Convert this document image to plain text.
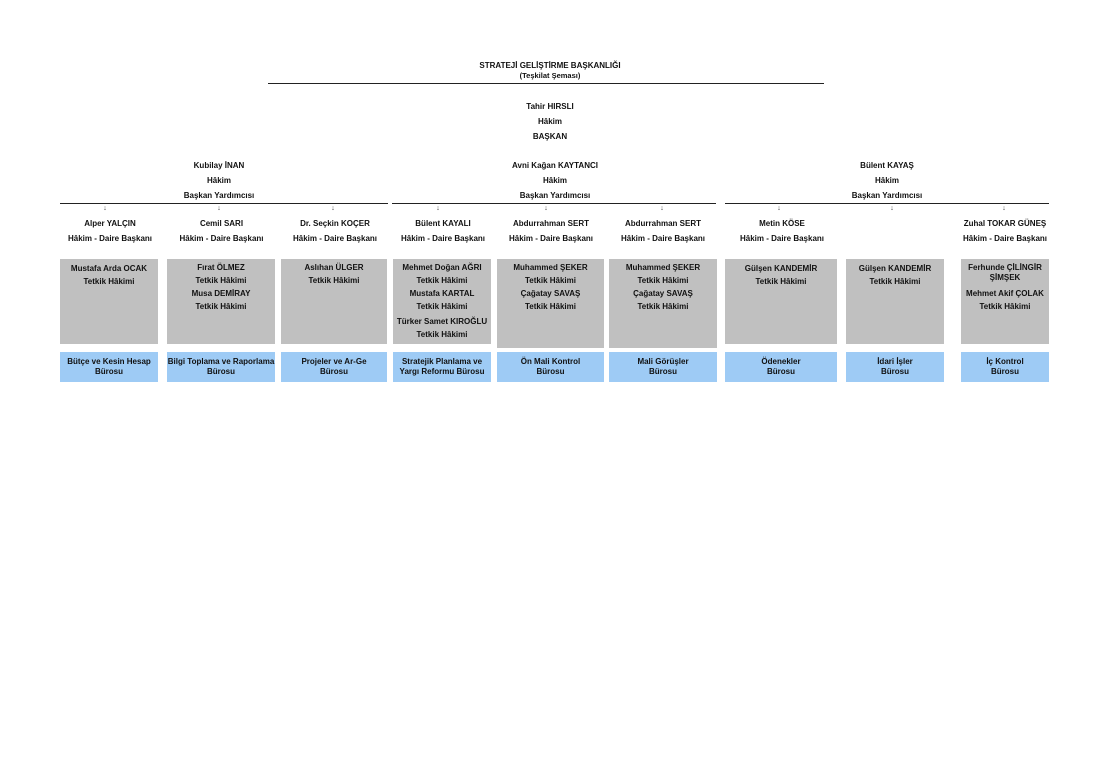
STRATEJİ GELİŞTİRME BAŞKANLIĞI
(Teşkilat Şeması)
Tahir HIRSLI
Hâkim
BAŞKAN
Kubilay İNAN
Hâkim
Başkan Yardımcısı
Avni Kağan KAYTANCI
Hâkim
Başkan Yardımcısı
Bülent KAYAŞ
Hâkim
Başkan Yardımcısı
↓	↓	↓	↓	↓	↓	↓	↓	↓
Alper YALÇIN
Hâkim - Daire Başkanı
Cemil SARI
Hâkim - Daire Başkanı
Dr. Seçkin KOÇER
Hâkim - Daire Başkanı
Bülent KAYALI
Hâkim - Daire Başkanı
Abdurrahman SERT
Hâkim - Daire Başkanı
Abdurrahman SERT
Hâkim - Daire Başkanı
Metin KÖSE
Hâkim - Daire Başkanı
Zuhal TOKAR GÜNEŞ
Hâkim - Daire Başkanı
Mustafa Arda OCAK
Tetkik Hâkimi
Fırat ÖLMEZ
Tetkik Hâkimi
Musa DEMİRAY
Tetkik Hâkimi
Aslıhan ÜLGER
Tetkik Hâkimi
Mehmet Doğan AĞRI
Tetkik Hâkimi
Mustafa KARTAL
Tetkik Hâkimi
Türker Samet KIROĞLU
Tetkik Hâkimi
Muhammed ŞEKER
Tetkik Hâkimi
Çağatay SAVAŞ
Tetkik Hâkimi
Muhammed ŞEKER
Tetkik Hâkimi
Çağatay SAVAŞ
Tetkik Hâkimi
Gülşen KANDEMİR
Tetkik Hâkimi
Gülşen KANDEMİR
Tetkik Hâkimi
Ferhunde ÇİLİNGİR ŞİMŞEK
Mehmet Akif ÇOLAK
Tetkik Hâkimi
Bütçe ve Kesin Hesap
Bürosu
Bilgi Toplama ve Raporlama
Bürosu
Projeler ve Ar-Ge
Bürosu
Stratejik Planlama ve
Yargı Reformu Bürosu
Ön Mali Kontrol
Bürosu
Mali Görüşler
Bürosu
Ödenekler
Bürosu
İdari İşler
Bürosu
İç Kontrol
Bürosu
